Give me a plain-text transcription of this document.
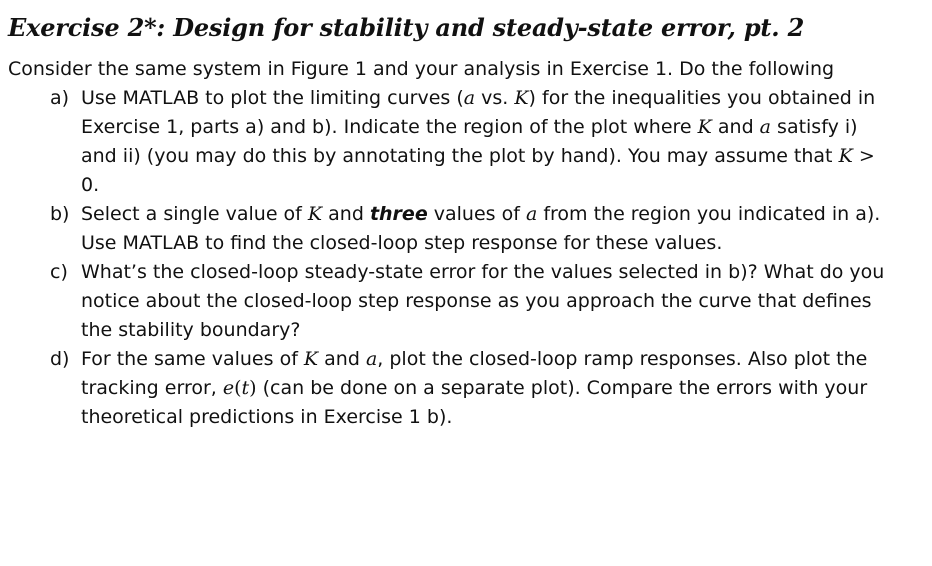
Exercise 2*: Design for stability and steady-state error, pt. 2
Consider the same system in Figure 1 and your analysis in Exercise 1. Do the following
a) Use MATLAB to plot the limiting curves (a vs. K) for the inequalities you obtained in
Exercise 1, parts a) and b). Indicate the region of the plot where K and a satisfy i)
and ii) (you may do this by annotating the plot by hand). You may assume that K >
0.
b) Select a single value of K and three values of a from the region you indicated in a).
Use MATLAB to find the closed-loop step response for these values.
c) What’s the closed-loop steady-state error for the values selected in b)? What do you
notice about the closed-loop step response as you approach the curve that defines
the stability boundary?
d) For the same values of K and a, plot the closed-loop ramp responses. Also plot the
tracking error, e(t) (can be done on a separate plot). Compare the errors with your
theoretical predictions in Exercise 1 b).
